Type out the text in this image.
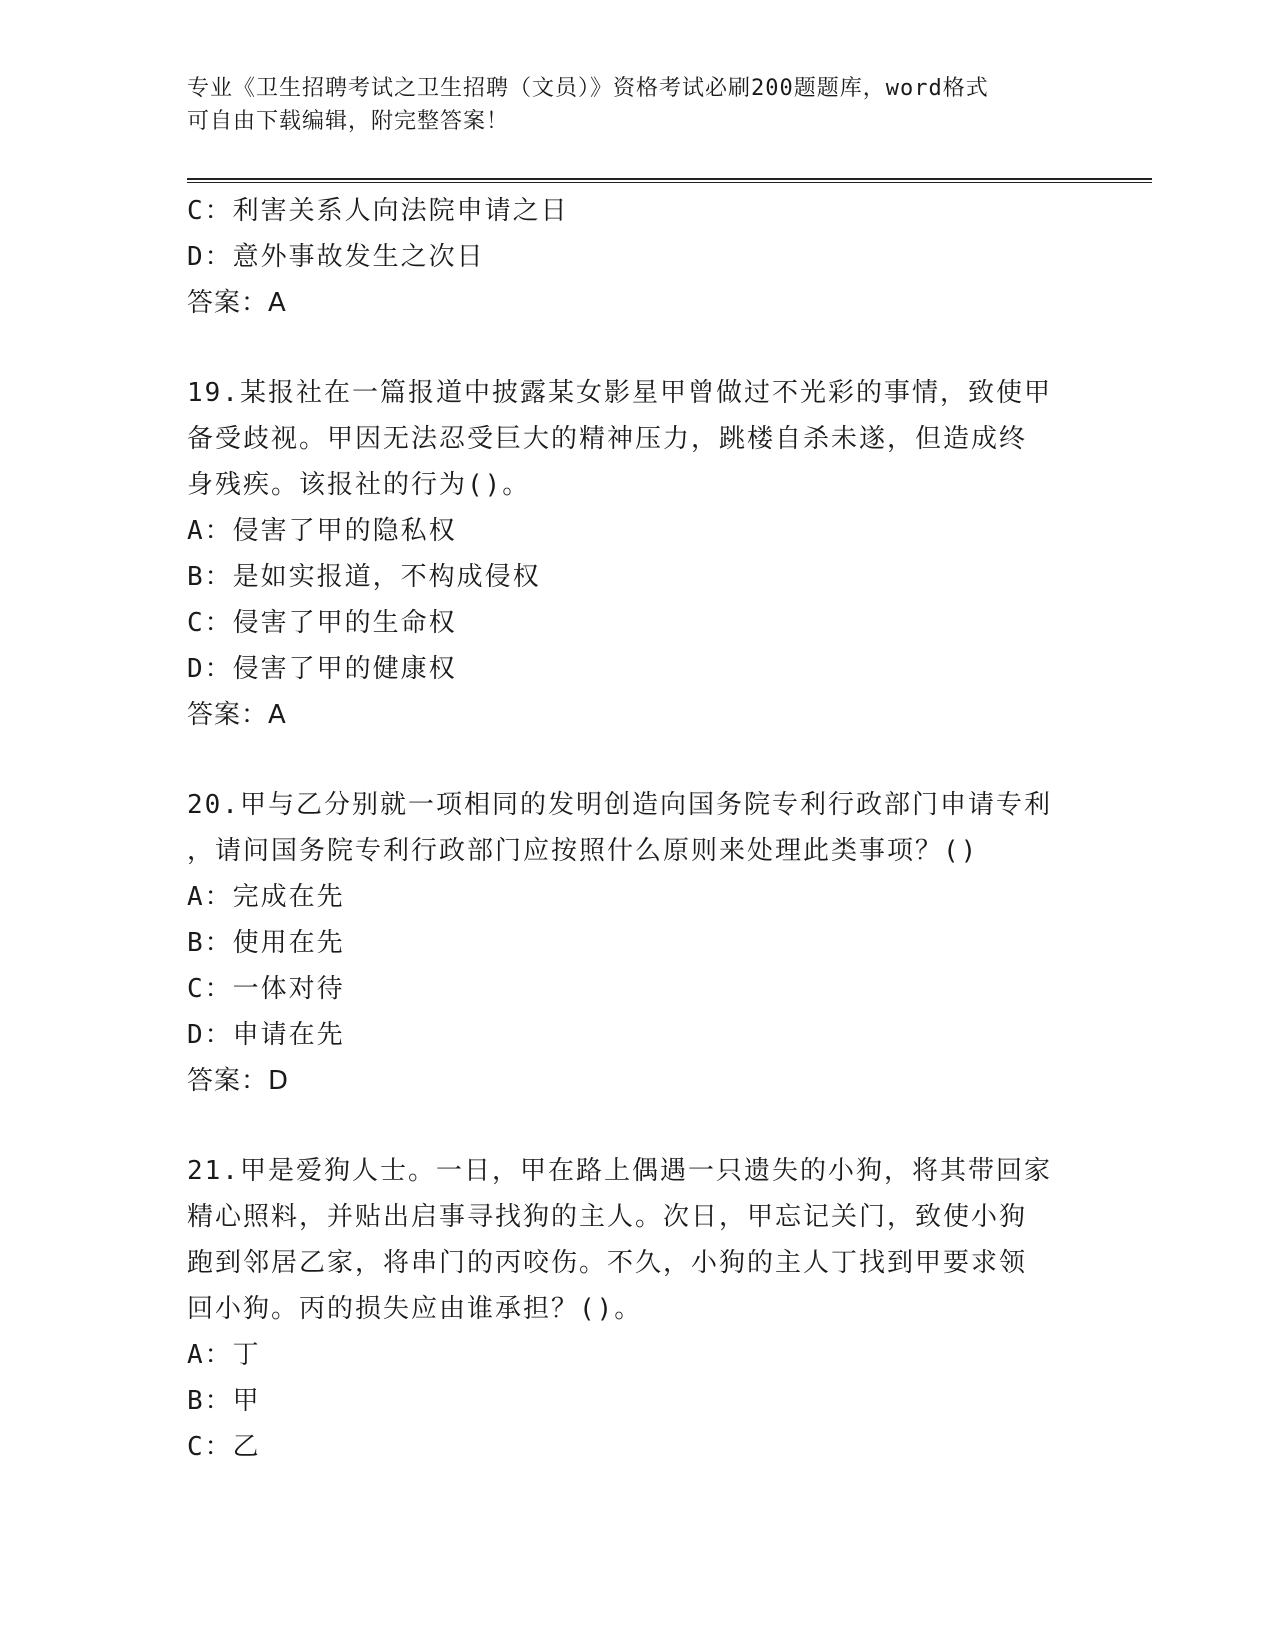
专业《卫生招聘考试之卫生招聘（文员）》资格考试必刷200题题库，word格式
可自由下载编辑，附完整答案！
C：利害关系人向法院申请之日
D：意外事故发生之次日
答案：A
19.某报社在一篇报道中披露某女影星甲曾做过不光彩的事情，致使甲
备受歧视。甲因无法忍受巨大的精神压力，跳楼自杀未遂，但造成终
身残疾。该报社的行为()。
A：侵害了甲的隐私权
B：是如实报道，不构成侵权
C：侵害了甲的生命权
D：侵害了甲的健康权
答案：A
20.甲与乙分别就一项相同的发明创造向国务院专利行政部门申请专利
，请问国务院专利行政部门应按照什么原则来处理此类事项？()
A：完成在先
B：使用在先
C：一体对待
D：申请在先
答案：D
21.甲是爱狗人士。一日，甲在路上偶遇一只遗失的小狗，将其带回家
精心照料，并贴出启事寻找狗的主人。次日，甲忘记关门，致使小狗
跑到邻居乙家，将串门的丙咬伤。不久，小狗的主人丁找到甲要求领
回小狗。丙的损失应由谁承担？()。
A：丁
B：甲
C：乙
